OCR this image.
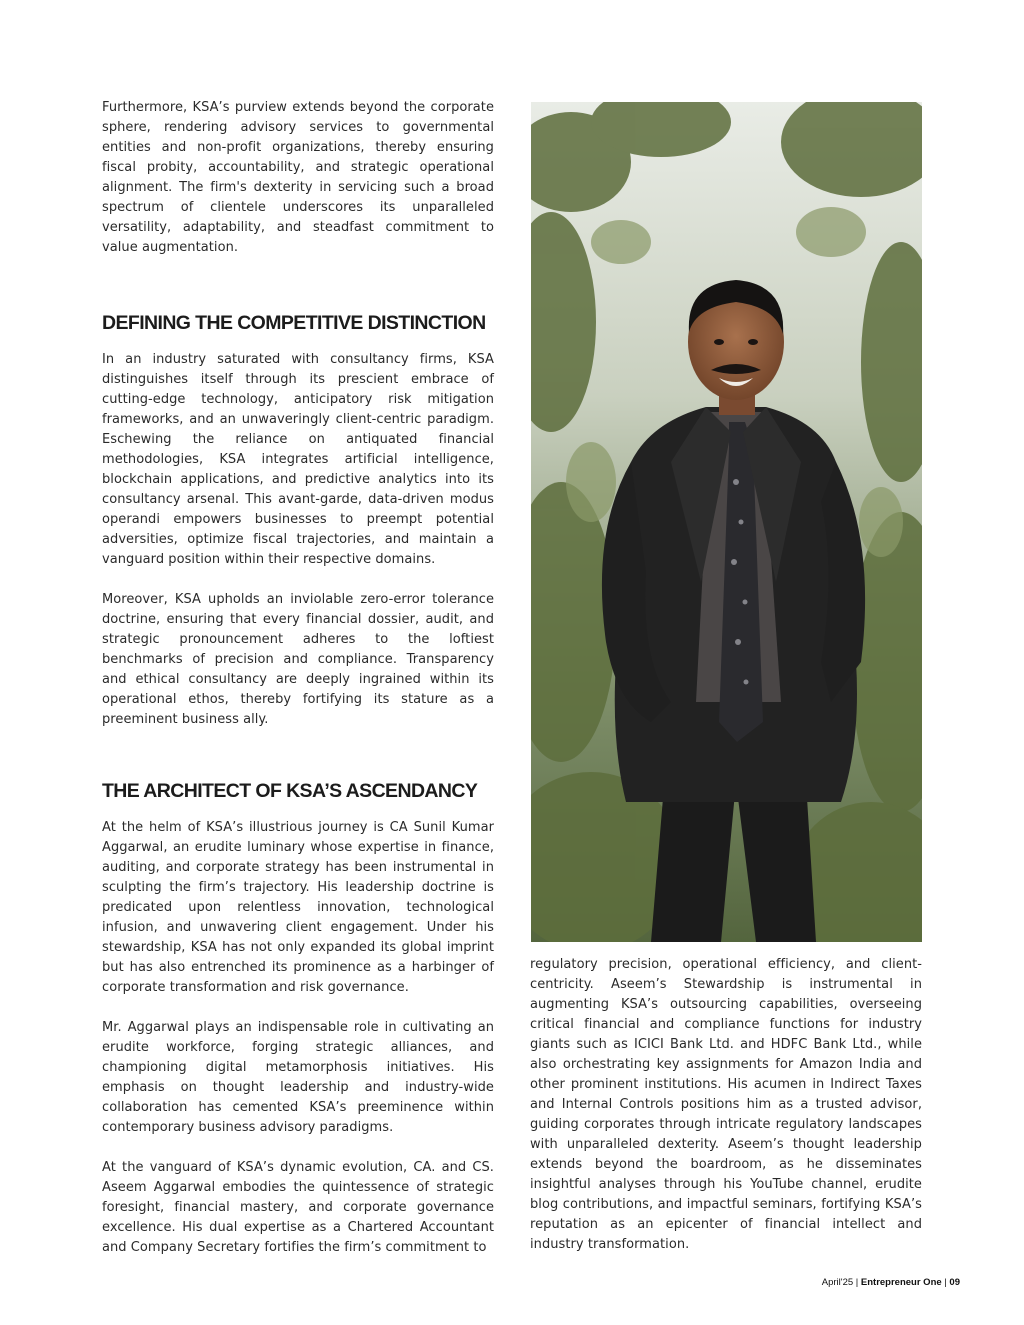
Furthermore, KSA’s purview extends beyond the corporate sphere, rendering advisory services to governmental entities and non-profit organizations, thereby ensuring fiscal probity, accountability, and strategic operational alignment. The firm's dexterity in servicing such a broad spectrum of clientele underscores its unparalleled versatility, adaptability, and steadfast commitment to value augmentation.

DEFINING THE COMPETITIVE DISTINCTION

In an industry saturated with consultancy firms, KSA distinguishes itself through its prescient embrace of cutting-edge technology, anticipatory risk mitigation frameworks, and an unwaveringly client-centric paradigm. Eschewing the reliance on antiquated financial methodologies, KSA integrates artificial intelligence, blockchain applications, and predictive analytics into its consultancy arsenal. This avant-garde, data-driven modus operandi empowers businesses to preempt potential adversities, optimize fiscal trajectories, and maintain a vanguard position within their respective domains.

Moreover, KSA upholds an inviolable zero-error tolerance doctrine, ensuring that every financial dossier, audit, and strategic pronouncement adheres to the loftiest benchmarks of precision and compliance. Transparency and ethical consultancy are deeply ingrained within its operational ethos, thereby fortifying its stature as a preeminent business ally.

THE ARCHITECT OF KSA’S ASCENDANCY

At the helm of KSA’s illustrious journey is CA Sunil Kumar Aggarwal, an erudite luminary whose expertise in finance, auditing, and corporate strategy has been instrumental in sculpting the firm’s trajectory. His leadership doctrine is predicated upon relentless innovation, technological infusion, and unwavering client engagement. Under his stewardship, KSA has not only expanded its global imprint but has also entrenched its prominence as a harbinger of corporate transformation and risk governance.

Mr. Aggarwal plays an indispensable role in cultivating an erudite workforce, forging strategic alliances, and championing digital metamorphosis initiatives. His emphasis on thought leadership and industry-wide collaboration has cemented KSA’s preeminence within contemporary business advisory paradigms.

At the vanguard of KSA’s dynamic evolution, CA. and CS. Aseem Aggarwal embodies the quintessence of strategic foresight, financial mastery, and corporate governance excellence. His dual expertise as a Chartered Accountant and Company Secretary fortifies the firm’s commitment to

regulatory precision, operational efficiency, and client-centricity. Aseem’s Stewardship is instrumental in augmenting KSA’s outsourcing capabilities, overseeing critical financial and compliance functions for industry giants such as ICICI Bank Ltd. and HDFC Bank Ltd., while also orchestrating key assignments for Amazon India and other prominent institutions. His acumen in Indirect Taxes and Internal Controls positions him as a trusted advisor, guiding corporates through intricate regulatory landscapes with unparalleled dexterity. Aseem’s thought leadership extends beyond the boardroom, as he disseminates insightful analyses through his YouTube channel, erudite blog contributions, and impactful seminars, fortifying KSA’s reputation as an epicenter of financial intellect and industry transformation.

April'25 | Entrepreneur One | 09
